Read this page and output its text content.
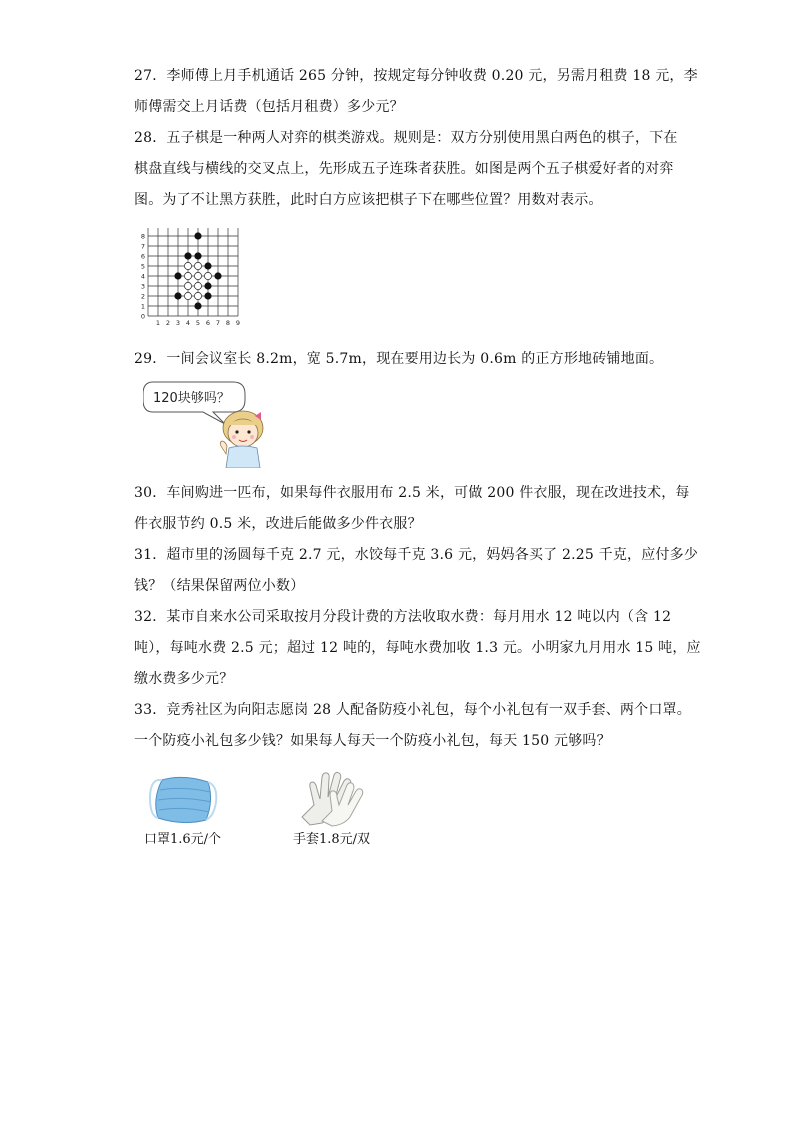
27．李师傅上月手机通话 265 分钟，按规定每分钟收费 0.20 元，另需月租费 18 元，李
师傅需交上月话费（包括月租费）多少元？
28．五子棋是一种两人对弈的棋类游戏。规则是：双方分别使用黑白两色的棋子，下在
棋盘直线与横线的交叉点上，先形成五子连珠者获胜。如图是两个五子棋爱好者的对弈
图。为了不让黑方获胜，此时白方应该把棋子下在哪些位置？用数对表示。
1 2 3 4 5 6 7 8 9
0
1
2
3
4
5
6
7
8
29．一间会议室长 8.2m，宽 5.7m，现在要用边长为 0.6m 的正方形地砖铺地面。
120块够吗？
30．车间购进一匹布，如果每件衣服用布 2.5 米，可做 200 件衣服，现在改进技术，每
件衣服节约 0.5 米，改进后能做多少件衣服？
31．超市里的汤圆每千克 2.7 元，水饺每千克 3.6 元，妈妈各买了 2.25 千克，应付多少
钱？（结果保留两位小数）
32．某市自来水公司采取按月分段计费的方法收取水费：每月用水 12 吨以内（含 12
吨），每吨水费 2.5 元；超过 12 吨的，每吨水费加收 1.3 元。小明家九月用水 15 吨，应
缴水费多少元？
33．竞秀社区为向阳志愿岗 28 人配备防疫小礼包，每个小礼包有一双手套、两个口罩。
一个防疫小礼包多少钱？如果每人每天一个防疫小礼包，每天 150 元够吗？
口罩1.6元/个	手套1.8元/双
